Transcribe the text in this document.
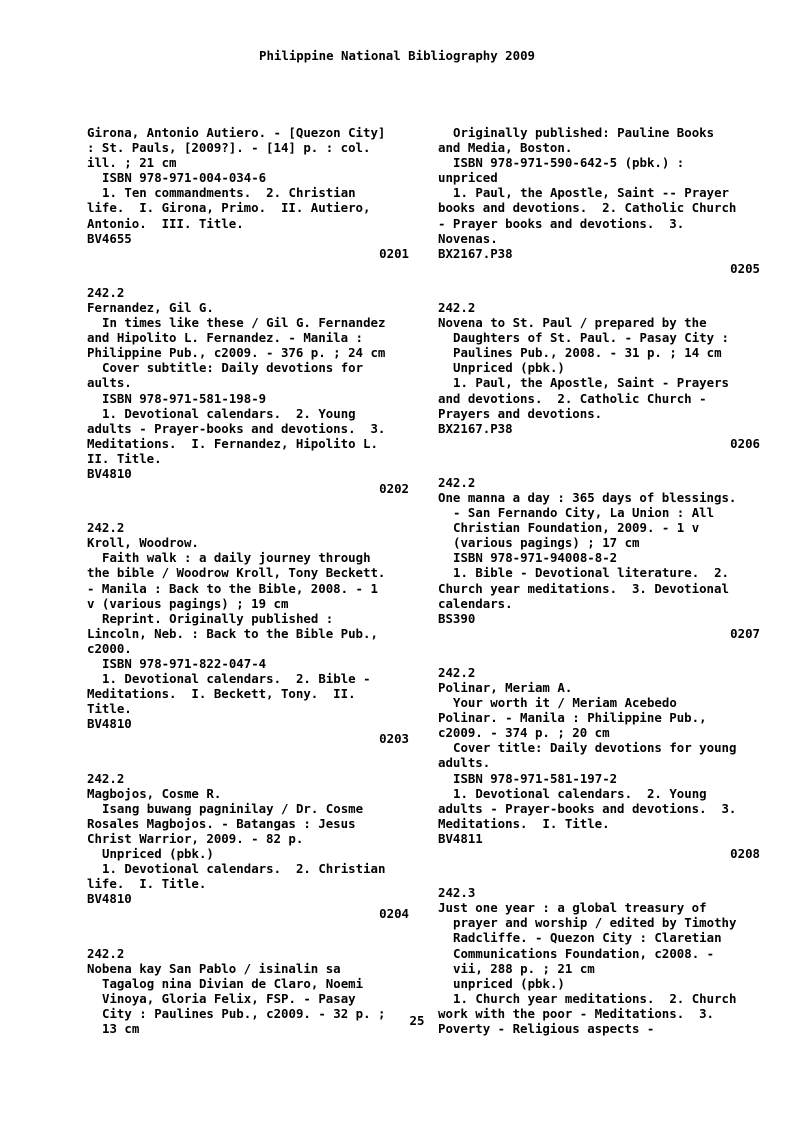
Philippine National Bibliography 2009
Girona, Antonio Autiero. - [Quezon City]
: St. Pauls, [2009?]. - [14] p. : col.
ill. ; 21 cm
ISBN 978-971-004-034-6
1. Ten commandments.  2. Christian
life.  I. Girona, Primo.  II. Autiero,
Antonio.  III. Title.
BV4655
0201
242.2
Fernandez, Gil G.
In times like these / Gil G. Fernandez
and Hipolito L. Fernandez. - Manila :
Philippine Pub., c2009. - 376 p. ; 24 cm
Cover subtitle: Daily devotions for
aults.
ISBN 978-971-581-198-9
1. Devotional calendars.  2. Young
adults - Prayer-books and devotions.  3.
Meditations.  I. Fernandez, Hipolito L.
II. Title.
BV4810
0202
242.2
Kroll, Woodrow.
Faith walk : a daily journey through
the bible / Woodrow Kroll, Tony Beckett.
- Manila : Back to the Bible, 2008. - 1
v (various pagings) ; 19 cm
Reprint. Originally published :
Lincoln, Neb. : Back to the Bible Pub.,
c2000.
ISBN 978-971-822-047-4
1. Devotional calendars.  2. Bible -
Meditations.  I. Beckett, Tony.  II.
Title.
BV4810
0203
242.2
Magbojos, Cosme R.
Isang buwang pagninilay / Dr. Cosme
Rosales Magbojos. - Batangas : Jesus
Christ Warrior, 2009. - 82 p.
Unpriced (pbk.)
1. Devotional calendars.  2. Christian
life.  I. Title.
BV4810
0204
242.2
Nobena kay San Pablo / isinalin sa
Tagalog nina Divian de Claro, Noemi
Vinoya, Gloria Felix, FSP. - Pasay
City : Paulines Pub., c2009. - 32 p. ;
13 cm
Originally published: Pauline Books
and Media, Boston.
ISBN 978-971-590-642-5 (pbk.) :
unpriced
1. Paul, the Apostle, Saint -- Prayer
books and devotions.  2. Catholic Church
- Prayer books and devotions.  3.
Novenas.
BX2167.P38
0205
242.2
Novena to St. Paul / prepared by the
Daughters of St. Paul. - Pasay City :
Paulines Pub., 2008. - 31 p. ; 14 cm
Unpriced (pbk.)
1. Paul, the Apostle, Saint - Prayers
and devotions.  2. Catholic Church -
Prayers and devotions.
BX2167.P38
0206
242.2
One manna a day : 365 days of blessings.
- San Fernando City, La Union : All
Christian Foundation, 2009. - 1 v
(various pagings) ; 17 cm
ISBN 978-971-94008-8-2
1. Bible - Devotional literature.  2.
Church year meditations.  3. Devotional
calendars.
BS390
0207
242.2
Polinar, Meriam A.
Your worth it / Meriam Acebedo
Polinar. - Manila : Philippine Pub.,
c2009. - 374 p. ; 20 cm
Cover title: Daily devotions for young
adults.
ISBN 978-971-581-197-2
1. Devotional calendars.  2. Young
adults - Prayer-books and devotions.  3.
Meditations.  I. Title.
BV4811
0208
242.3
Just one year : a global treasury of
prayer and worship / edited by Timothy
Radcliffe. - Quezon City : Claretian
Communications Foundation, c2008. -
vii, 288 p. ; 21 cm
unpriced (pbk.)
1. Church year meditations.  2. Church
work with the poor - Meditations.  3.
Poverty - Religious aspects -
25
